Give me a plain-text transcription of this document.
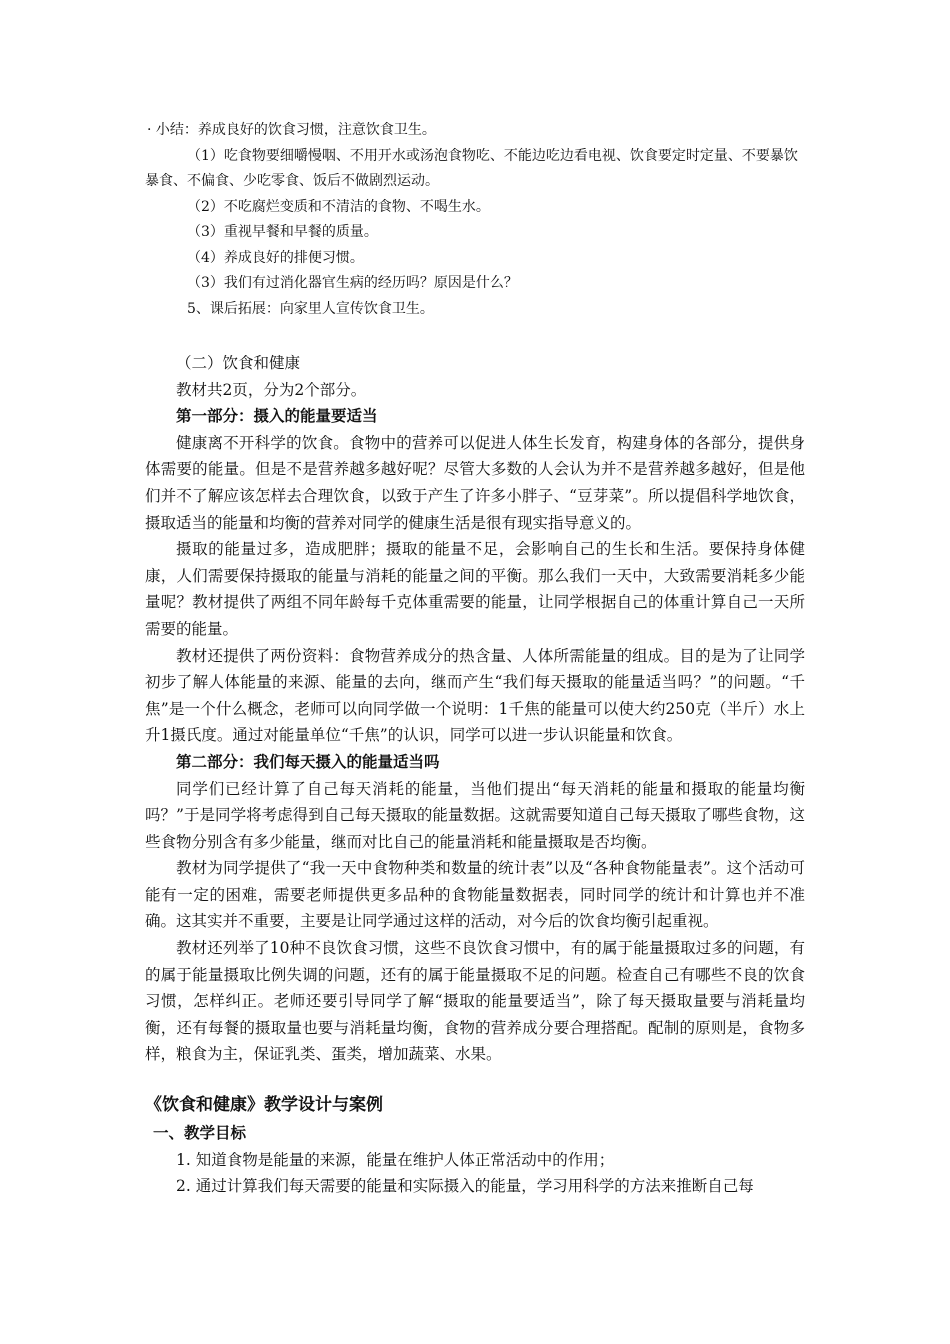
· 小结：养成良好的饮食习惯，注意饮食卫生。

（1）吃食物要细嚼慢咽、不用开水或汤泡食物吃、不能边吃边看电视、饮食要定时定量、不要暴饮暴食、不偏食、少吃零食、饭后不做剧烈运动。

（2）不吃腐烂变质和不清洁的食物、不喝生水。

（3）重视早餐和早餐的质量。

（4）养成良好的排便习惯。

（3）我们有过消化器官生病的经历吗？原因是什么？

5、课后拓展：向家里人宣传饮食卫生。

（二）饮食和健康

教材共2页，分为2个部分。

第一部分：摄入的能量要适当

健康离不开科学的饮食。食物中的营养可以促进人体生长发育，构建身体的各部分，提供身体需要的能量。但是不是营养越多越好呢？尽管大多数的人会认为并不是营养越多越好，但是他们并不了解应该怎样去合理饮食，以致于产生了许多小胖子、“豆芽菜”。所以提倡科学地饮食，摄取适当的能量和均衡的营养对同学的健康生活是很有现实指导意义的。

摄取的能量过多，造成肥胖；摄取的能量不足，会影响自己的生长和生活。要保持身体健康，人们需要保持摄取的能量与消耗的能量之间的平衡。那么我们一天中，大致需要消耗多少能量呢？教材提供了两组不同年龄每千克体重需要的能量，让同学根据自己的体重计算自己一天所需要的能量。

教材还提供了两份资料：食物营养成分的热含量、人体所需能量的组成。目的是为了让同学初步了解人体能量的来源、能量的去向，继而产生“我们每天摄取的能量适当吗？”的问题。“千焦”是一个什么概念，老师可以向同学做一个说明：1千焦的能量可以使大约250克（半斤）水上升1摄氏度。通过对能量单位“千焦”的认识，同学可以进一步认识能量和饮食。

第二部分：我们每天摄入的能量适当吗

同学们已经计算了自己每天消耗的能量，当他们提出“每天消耗的能量和摄取的能量均衡吗？”于是同学将考虑得到自己每天摄取的能量数据。这就需要知道自己每天摄取了哪些食物，这些食物分别含有多少能量，继而对比自己的能量消耗和能量摄取是否均衡。

教材为同学提供了“我一天中食物种类和数量的统计表”以及“各种食物能量表”。这个活动可能有一定的困难，需要老师提供更多品种的食物能量数据表，同时同学的统计和计算也并不准确。这其实并不重要，主要是让同学通过这样的活动，对今后的饮食均衡引起重视。

教材还列举了10种不良饮食习惯，这些不良饮食习惯中，有的属于能量摄取过多的问题，有的属于能量摄取比例失调的问题，还有的属于能量摄取不足的问题。检查自己有哪些不良的饮食习惯，怎样纠正。老师还要引导同学了解“摄取的能量要适当”，除了每天摄取量要与消耗量均衡，还有每餐的摄取量也要与消耗量均衡，食物的营养成分要合理搭配。配制的原则是，食物多样，粮食为主，保证乳类、蛋类，增加蔬菜、水果。

《饮食和健康》教学设计与案例

一、教学目标

1. 知道食物是能量的来源，能量在维护人体正常活动中的作用；

2. 通过计算我们每天需要的能量和实际摄入的能量，学习用科学的方法来推断自己每
